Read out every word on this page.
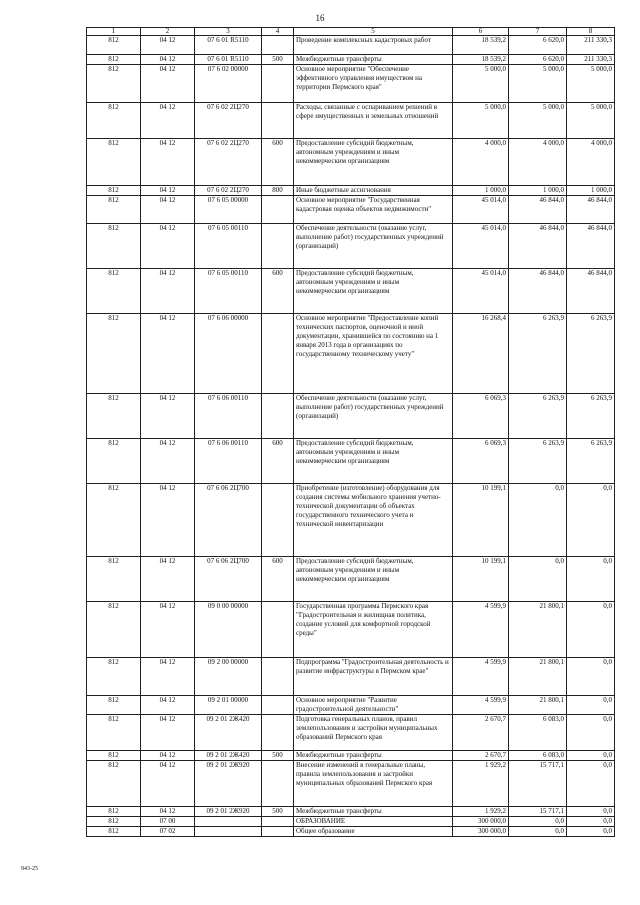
16
1	2	3	4	5	6	7	8
812	04 12	07 6 01 R5110		Проведение комплексных кадастровых работ	18 539,2	6 620,0	211 330,3
812	04 12	07 6 01 R5110	500	Межбюджетные трансферты	18 539,2	6 620,0	211 330,3
812	04 12	07 6 02 00000		Основное мероприятие "Обеспечение эффективного управления имуществом на территории Пермского края"	5 000,0	5 000,0	5 000,0
812	04 12	07 6 02 2Ц270		Расходы, связанные с оспариванием решений в сфере имущественных и земельных отношений	5 000,0	5 000,0	5 000,0
812	04 12	07 6 02 2Ц270	600	Предоставление субсидий бюджетным, автономным учреждениям и иным некоммерческим организациям	4 000,0	4 000,0	4 000,0
812	04 12	07 6 02 2Ц270	800	Иные бюджетные ассигнования	1 000,0	1 000,0	1 000,0
812	04 12	07 6 05 00000		Основное мероприятие "Государственная кадастровая оценка объектов недвижимости"	45 014,0	46 844,0	46 844,0
812	04 12	07 6 05 00110		Обеспечение деятельности (оказание услуг, выполнение работ) государственных учреждений (организаций)	45 014,0	46 844,0	46 844,0
812	04 12	07 6 05 00110	600	Предоставление субсидий бюджетным, автономным учреждениям и иным некоммерческим организациям	45 014,0	46 844,0	46 844,0
812	04 12	07 6 06 00000		Основное мероприятие "Предоставление копий технических паспортов, оценочной и иной документации, хранившейся по состоянию на 1 января 2013 года в организациях по государственному техническому учету"	16 268,4	6 263,9	6 263,9
812	04 12	07 6 06 00110		Обеспечение деятельности (оказание услуг, выполнение работ) государственных учреждений (организаций)	6 069,3	6 263,9	6 263,9
812	04 12	07 6 06 00110	600	Предоставление субсидий бюджетным, автономным учреждениям и иным некоммерческим организациям	6 069,3	6 263,9	6 263,9
812	04 12	07 6 06 2Ц700		Приобретение (изготовление) оборудования для создания системы мобильного хранения учетно-технической документации об объектах государственного технического учета и технической инвентаризации	10 199,1	0,0	0,0
812	04 12	07 6 06 2Ц700	600	Предоставление субсидий бюджетным, автономным учреждениям и иным некоммерческим организациям	10 199,1	0,0	0,0
812	04 12	09 0 00 00000		Государственная программа Пермского края "Градостроительная и жилищная политика, создание условий для комфортной городской среды"	4 599,9	21 800,1	0,0
812	04 12	09 2 00 00000		Подпрограмма "Градостроительная деятельность и развитие инфраструктуры в Пермском крае"	4 599,9	21 800,1	0,0
812	04 12	09 2 01 00000		Основное мероприятие "Развитие градостроительной деятельности"	4 599,9	21 800,1	0,0
812	04 12	09 2 01 2Ж420		Подготовка генеральных планов, правил землепользования и застройки муниципальных образований Пермского края	2 670,7	6 083,0	0,0
812	04 12	09 2 01 2Ж420	500	Межбюджетные трансферты	2 670,7	6 083,0	0,0
812	04 12	09 2 01 2Ж920		Внесение изменений в генеральные планы, правила землепользования и застройки муниципальных образований Пермского края	1 929,2	15 717,1	0,0
812	04 12	09 2 01 2Ж920	500	Межбюджетные трансферты	1 929,2	15 717,1	0,0
812	07 00			ОБРАЗОВАНИЕ	300 000,0	0,0	0,0
812	07 02			Общее образование	300 000,0	0,0	0,0
943-25
